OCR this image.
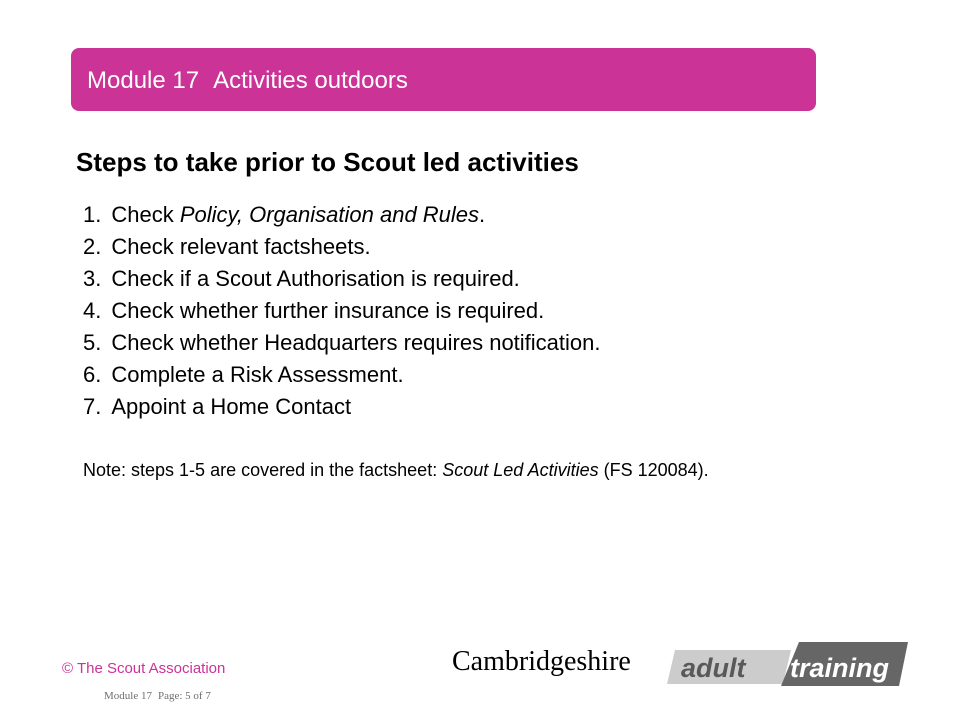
Module 17 Activities outdoors
Steps to take prior to Scout led activities
1. Check Policy, Organisation and Rules.
2. Check relevant factsheets.
3. Check if a Scout Authorisation is required.
4. Check whether further insurance is required.
5. Check whether Headquarters requires notification.
6. Complete a Risk Assessment.
7. Appoint a Home Contact
Note: steps 1-5 are covered in the factsheet: Scout Led Activities (FS 120084).
© The Scout Association
Module 17 Page: 5 of 7
Cambridgeshire adult training
